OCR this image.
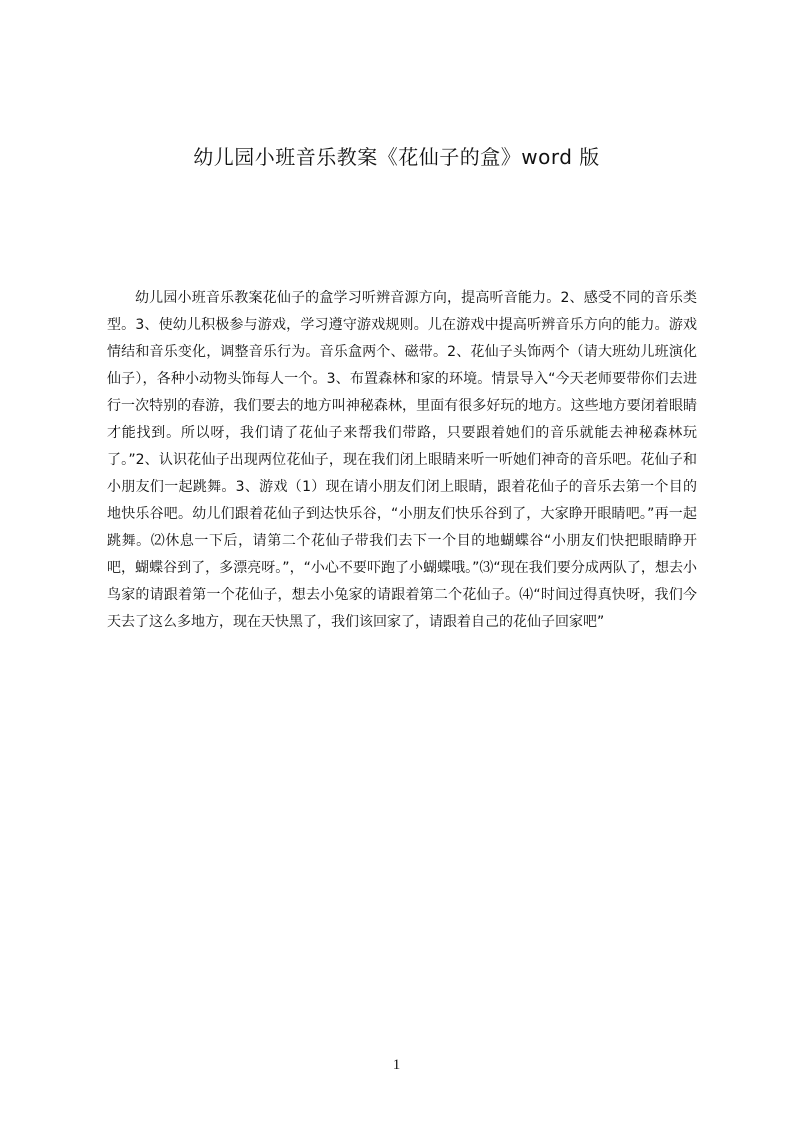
幼儿园小班音乐教案《花仙子的盒》word 版

幼儿园小班音乐教案花仙子的盒学习听辨音源方向，提高听音能力。2、感受不同的音乐类型。3、使幼儿积极参与游戏，学习遵守游戏规则。儿在游戏中提高听辨音乐方向的能力。游戏情结和音乐变化，调整音乐行为。音乐盒两个、磁带。2、花仙子头饰两个（请大班幼儿班演化仙子），各种小动物头饰每人一个。3、布置森林和家的环境。情景导入“今天老师要带你们去进行一次特别的春游，我们要去的地方叫神秘森林，里面有很多好玩的地方。这些地方要闭着眼睛才能找到。所以呀，我们请了花仙子来帮我们带路，只要跟着她们的音乐就能去神秘森林玩了。”2、认识花仙子出现两位花仙子，现在我们闭上眼睛来听一听她们神奇的音乐吧。花仙子和小朋友们一起跳舞。3、游戏（1）现在请小朋友们闭上眼睛，跟着花仙子的音乐去第一个目的地快乐谷吧。幼儿们跟着花仙子到达快乐谷，“小朋友们快乐谷到了，大家睁开眼睛吧。”再一起跳舞。⑵休息一下后，请第二个花仙子带我们去下一个目的地蝴蝶谷“小朋友们快把眼睛睁开吧，蝴蝶谷到了，多漂亮呀。”，“小心不要吓跑了小蝴蝶哦。”⑶“现在我们要分成两队了，想去小鸟家的请跟着第一个花仙子，想去小兔家的请跟着第二个花仙子。⑷“时间过得真快呀，我们今天去了这么多地方，现在天快黑了，我们该回家了，请跟着自己的花仙子回家吧”

1
